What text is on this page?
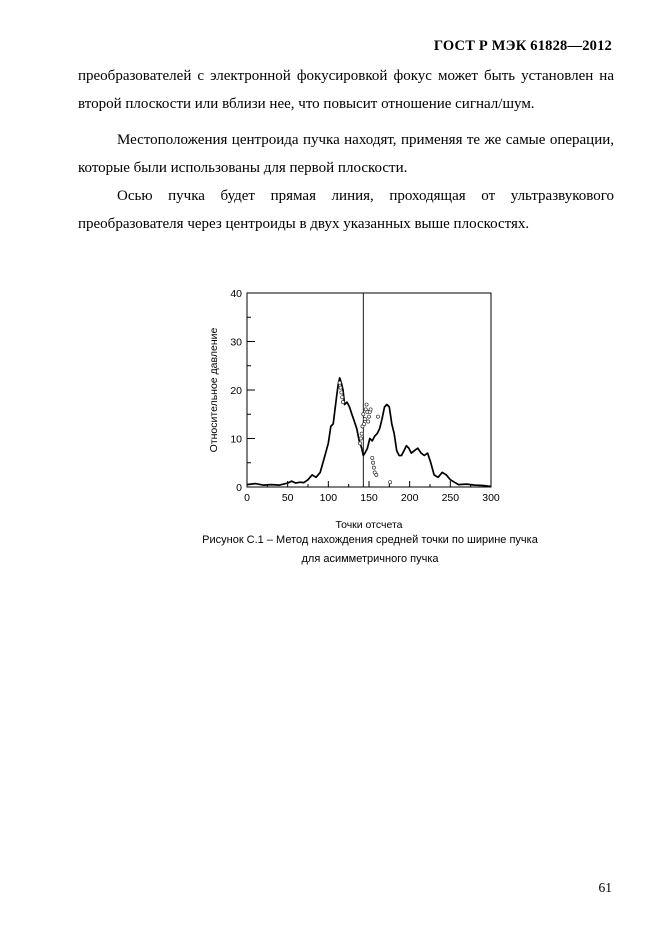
ГОСТ Р МЭК 61828—2012

преобразователей с электронной фокусировкой фокус может быть установлен на второй плоскости или вблизи нее, что повысит отношение сигнал/шум.

Местоположения центроида пучка находят, применяя те же самые операции, которые были использованы для первой плоскости.

Осью пучка будет прямая линия, проходящая от ультразвукового преобразователя через центроиды в двух указанных выше плоскостях.

0	50 100 150 200 250 300
0
10
20
30
40
Точки отсчета
Относительное давление
Рисунок С.1 – Метод нахождения средней точки по ширине пучка
для асимметричного пучка
61
